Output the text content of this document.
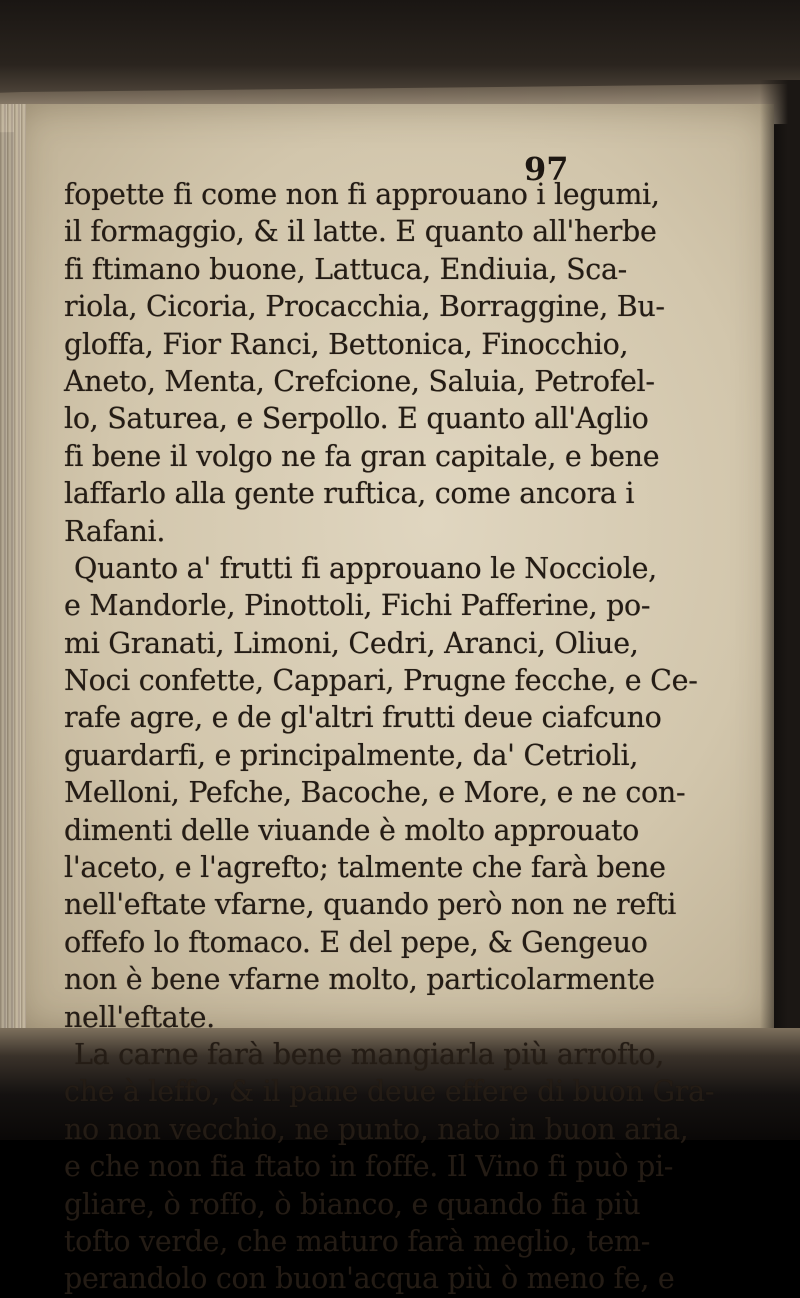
97
fopette fi come non fi approuano i legumi,
il formaggio, & il latte. E quanto all'herbe
fi ftimano buone, Lattuca, Endiuia, Sca-
riola, Cicoria, Procacchia, Borraggine, Bu-
gloffa, Fior Ranci, Bettonica, Finocchio,
Aneto, Menta, Crefcione, Saluia, Petrofel-
lo, Saturea, e Serpollo. E quanto all'Aglio
fi bene il volgo ne fa gran capitale, e bene
laffarlo alla gente ruftica, come ancora i
Rafani.
Quanto a' frutti fi approuano le Nocciole,
e Mandorle, Pinottoli, Fichi Pafferine, po-
mi Granati, Limoni, Cedri, Aranci, Oliue,
Noci confette, Cappari, Prugne fecche, e Ce-
rafe agre, e de gl'altri frutti deue ciafcuno
guardarfi, e principalmente, da' Cetrioli,
Melloni, Pefche, Bacoche, e More, e ne con-
dimenti delle viuande è molto approuato
l'aceto, e l'agrefto; talmente che farà bene
nell'eftate vfarne, quando però non ne refti
offefo lo ftomaco. E del pepe, & Gengeuo
non è bene vfarne molto, particolarmente
nell'eftate.
La carne farà bene mangiarla più arrofto,
che à leffo, & il pane deue effere di buon Gra-
no non vecchio, ne punto, nato in buon aria,
e che non fia ftato in foffe. Il Vino fi può pi-
gliare, ò roffo, ò bianco, e quando fia più
tofto verde, che maturo farà meglio, tem-
perandolo con buon'acqua più ò meno fe, e
